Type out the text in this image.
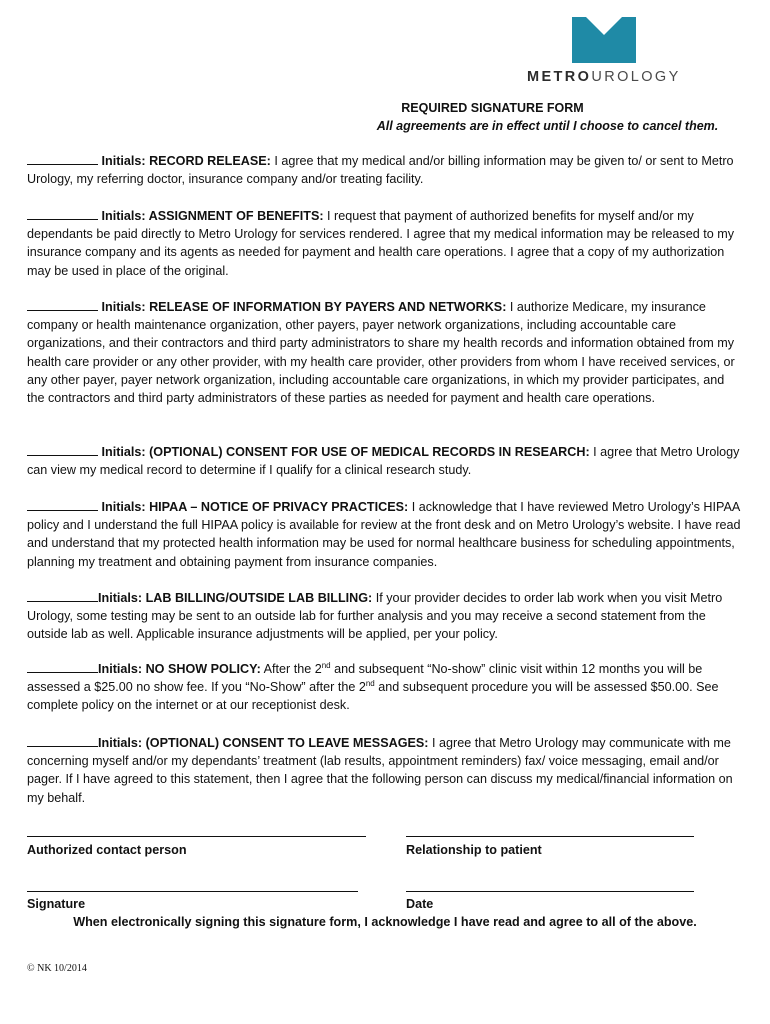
METROUROLOGY
REQUIRED SIGNATURE FORM
All agreements are in effect until I choose to cancel them.

Initials: RECORD RELEASE: I agree that my medical and/or billing information may be given to/ or sent to Metro Urology, my referring doctor, insurance company and/or treating facility.

Initials: ASSIGNMENT OF BENEFITS: I request that payment of authorized benefits for myself and/or my dependants be paid directly to Metro Urology for services rendered. I agree that my medical information may be released to my insurance company and its agents as needed for payment and health care operations. I agree that a copy of my authorization may be used in place of the original.

Initials: RELEASE OF INFORMATION BY PAYERS AND NETWORKS: I authorize Medicare, my insurance company or health maintenance organization, other payers, payer network organizations, including accountable care organizations, and their contractors and third party administrators to share my health records and information obtained from my health care provider or any other provider, with my health care provider, other providers from whom I have received services, or any other payer, payer network organization, including accountable care organizations, in which my provider participates, and the contractors and third party administrators of these parties as needed for payment and health care operations.

Initials: (OPTIONAL) CONSENT FOR USE OF MEDICAL RECORDS IN RESEARCH: I agree that Metro Urology can view my medical record to determine if I qualify for a clinical research study.

Initials: HIPAA – NOTICE OF PRIVACY PRACTICES: I acknowledge that I have reviewed Metro Urology’s HIPAA policy and I understand the full HIPAA policy is available for review at the front desk and on Metro Urology’s website. I have read and understand that my protected health information may be used for normal healthcare business for scheduling appointments, planning my treatment and obtaining payment from insurance companies.

Initials: LAB BILLING/OUTSIDE LAB BILLING: If your provider decides to order lab work when you visit Metro Urology, some testing may be sent to an outside lab for further analysis and you may receive a second statement from the outside lab as well. Applicable insurance adjustments will be applied, per your policy.

Initials: NO SHOW POLICY: After the 2nd and subsequent “No-show” clinic visit within 12 months you will be assessed a $25.00 no show fee. If you “No-Show” after the 2nd and subsequent procedure you will be assessed $50.00. See complete policy on the internet or at our receptionist desk.

Initials: (OPTIONAL) CONSENT TO LEAVE MESSAGES: I agree that Metro Urology may communicate with me concerning myself and/or my dependants’ treatment (lab results, appointment reminders) fax/ voice messaging, email and/or pager. If I have agreed to this statement, then I agree that the following person can discuss my medical/financial information on my behalf.

Authorized contact person	Relationship to patient
Signature	Date
When electronically signing this signature form, I acknowledge I have read and agree to all of the above.
© NK 10/2014
